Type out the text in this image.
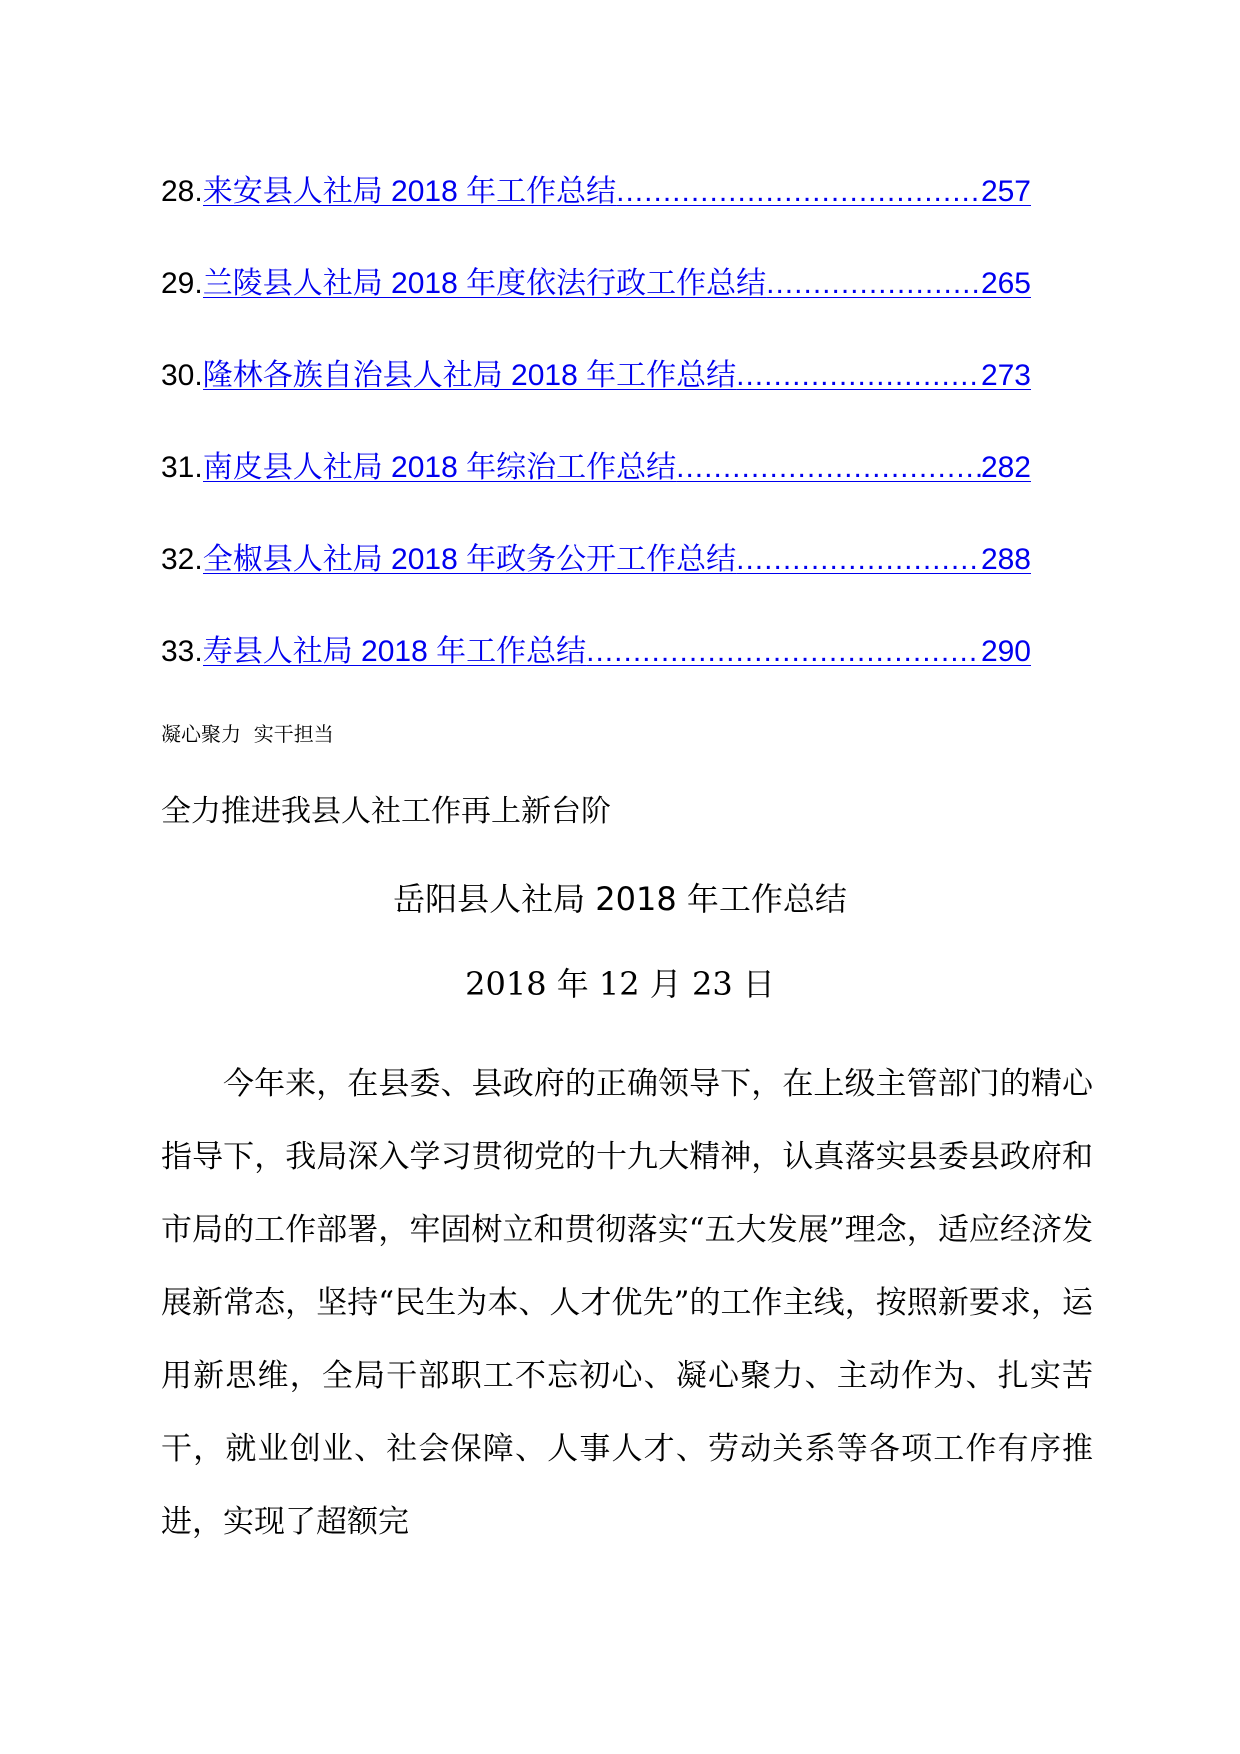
28. 来安县人社局 2018 年工作总结 .....	257
29. 兰陵县人社局 2018 年度依法行政工作总结 .....	265
30. 隆林各族自治县人社局 2018 年工作总结 .....	273
31. 南皮县人社局 2018 年综治工作总结 .....	282
32. 全椒县人社局 2018 年政务公开工作总结 .....	288
33. 寿县人社局 2018 年工作总结 .....	290
凝心聚力  实干担当
全力推进我县人社工作再上新台阶
岳阳县人社局 2018 年工作总结
2018 年 12 月 23 日

今年来，在县委、县政府的正确领导下，在上级主管部门的精心指导下，我局深入学习贯彻党的十九大精神，认真落实县委县政府和市局的工作部署，牢固树立和贯彻落实“五大发展”理念，适应经济发展新常态，坚持“民生为本、人才优先”的工作主线，按照新要求，运用新思维，全局干部职工不忘初心、凝心聚力、主动作为、扎实苦干，就业创业、社会保障、人事人才、劳动关系等各项工作有序推进，实现了超额完
